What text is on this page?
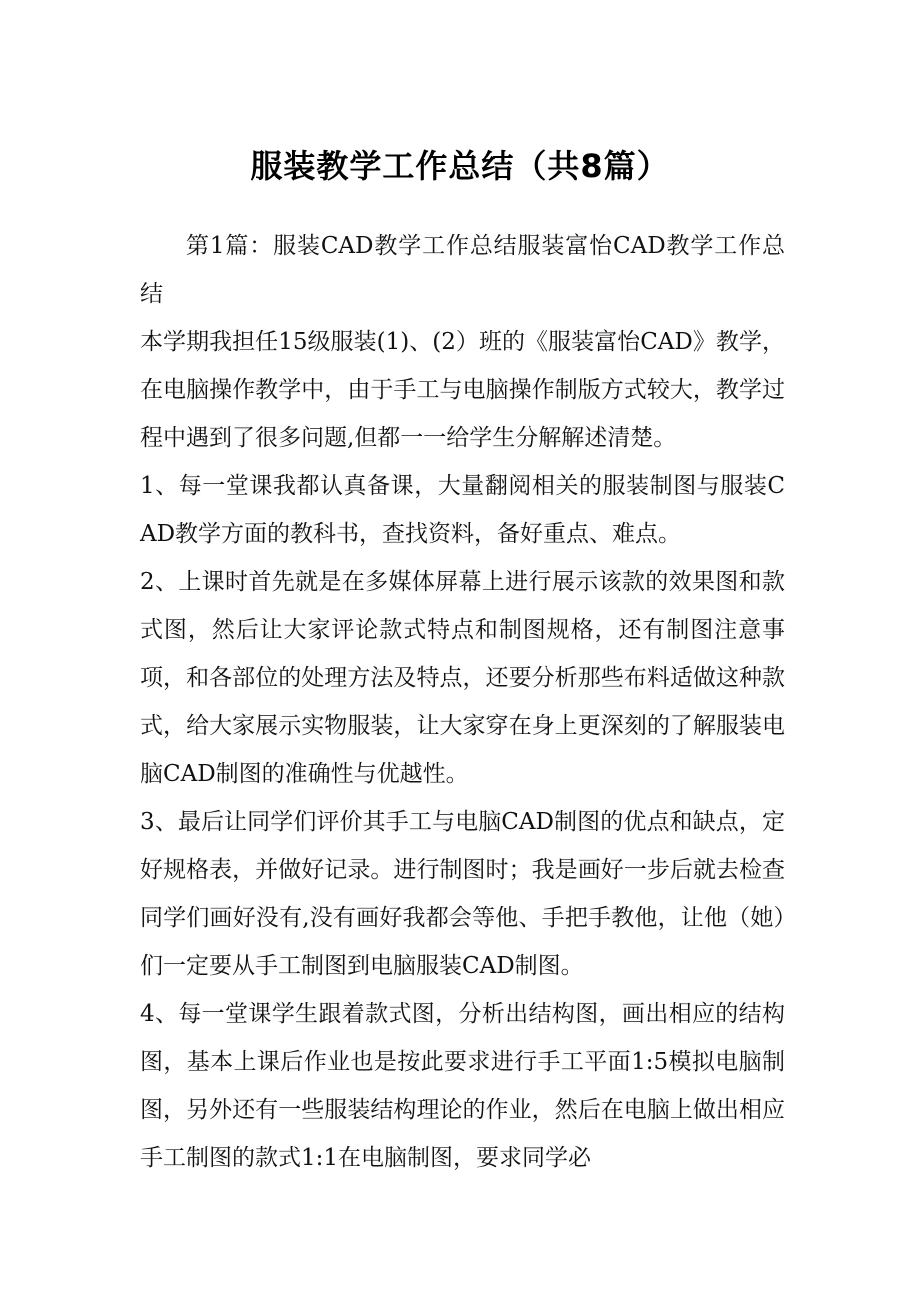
服装教学工作总结（共8篇）

第1篇：服装CAD教学工作总结服装富怡CAD教学工作总结

本学期我担任15级服装(1)、(2）班的《服装富怡CAD》教学，在电脑操作教学中，由于手工与电脑操作制版方式较大，教学过程中遇到了很多问题,但都一一给学生分解解述清楚。

1、每一堂课我都认真备课，大量翻阅相关的服装制图与服装CAD教学方面的教科书，查找资料，备好重点、难点。

2、上课时首先就是在多媒体屏幕上进行展示该款的效果图和款式图，然后让大家评论款式特点和制图规格，还有制图注意事项，和各部位的处理方法及特点，还要分析那些布料适做这种款式，给大家展示实物服装，让大家穿在身上更深刻的了解服装电脑CAD制图的准确性与优越性。

3、最后让同学们评价其手工与电脑CAD制图的优点和缺点，定好规格表，并做好记录。进行制图时；我是画好一步后就去检查同学们画好没有,没有画好我都会等他、手把手教他，让他（她）们一定要从手工制图到电脑服装CAD制图。

4、每一堂课学生跟着款式图，分析出结构图，画出相应的结构图，基本上课后作业也是按此要求进行手工平面1:5模拟电脑制图，另外还有一些服装结构理论的作业，然后在电脑上做出相应手工制图的款式1:1在电脑制图，要求同学必
